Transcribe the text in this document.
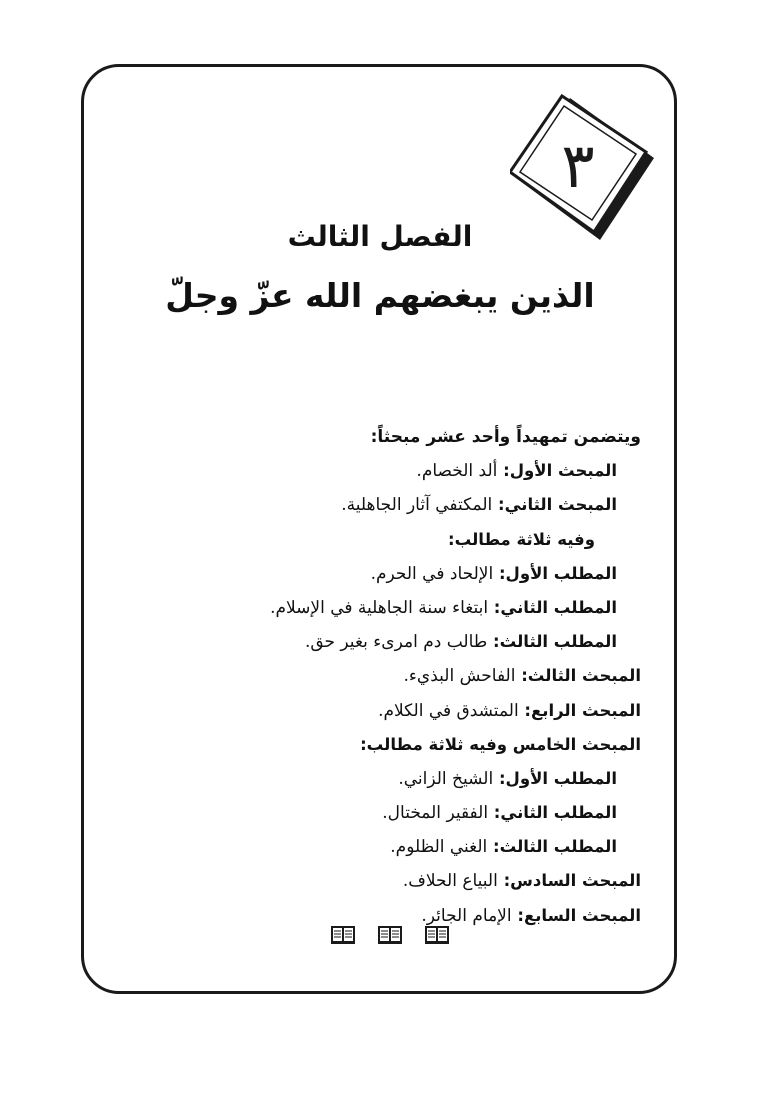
٣
الفصل الثالث
الذين يبغضهم الله عزّ وجلّ
ويتضمن تمهيداً وأحد عشر مبحثاً:
المبحث الأول: ألد الخصام.
المبحث الثاني: المكتفي آثار الجاهلية.
وفيه ثلاثة مطالب:
المطلب الأول: الإلحاد في الحرم.
المطلب الثاني: ابتغاء سنة الجاهلية في الإسلام.
المطلب الثالث: طالب دم امرىء بغير حق.
المبحث الثالث: الفاحش البذيء.
المبحث الرابع: المتشدق في الكلام.
المبحث الخامس وفيه ثلاثة مطالب:
المطلب الأول: الشيخ الزاني.
المطلب الثاني: الفقير المختال.
المطلب الثالث: الغني الظلوم.
المبحث السادس: البياع الحلاف.
المبحث السابع: الإمام الجائر.
